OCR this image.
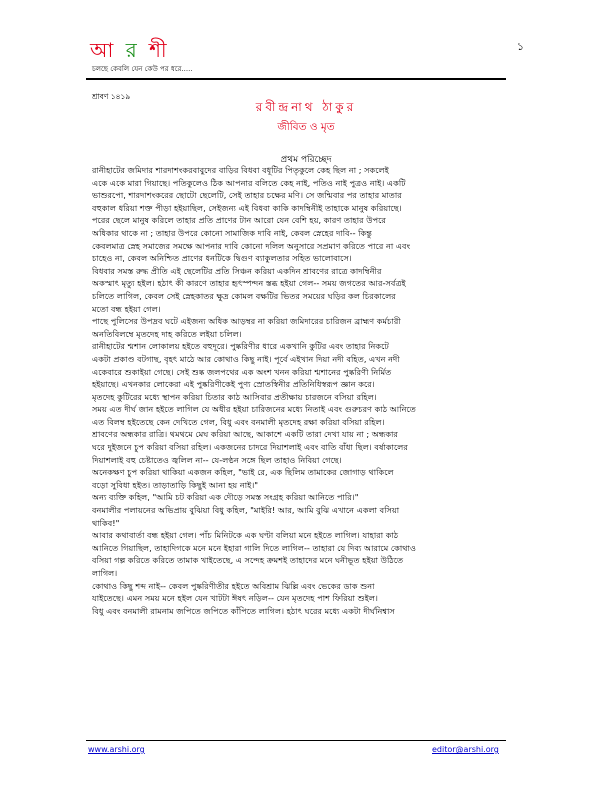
আ র শী
চলছে কেবলি যেন কেউ পর ধরে.....
১
শ্রাবণ ১৪১৯
রবীন্দ্রনাথ ঠাকুর
জীবিত ও মৃত
প্রথম পরিচ্ছেদ

রানীহাটের জমিদার শারদাশংকরবাবুদের বাড়ির বিধবা বধূটির পিতৃকুলে কেহ ছিল না ; সকলেই

একে একে মারা গিয়াছে। পতিকুলেও ঠিক আপনার বলিতে কেহ নাই, পতিও নাই পুত্রও নাই। একটি

ভাশুরপো, শারদাশংকরের ছোটো ছেলেটি, সেই তাহার চক্ষের মণি। সে জন্মিবার পর তাহার মাতার

বহুকাল ধরিয়া শক্ত পীড়া হইয়াছিল, সেইজন্য এই বিধবা কাকি কাদম্বিনীই তাহাকে মানুষ করিয়াছে।

পরের ছেলে মানুষ করিলে তাহার প্রতি প্রাণের টান আরো যেন বেশি হয়, কারণ তাহার উপরে

অধিকার থাকে না ; তাহার উপরে কোনো সামাজিক দাবি নাই, কেবল স্নেহের দাবি-- কিন্তু

কেবলমাত্র স্নেহ সমাজের সমক্ষে আপনার দাবি কোনো দলিল অনুসারে সপ্রমাণ করিতে পারে না এবং

চাহেও না, কেবল অনিশ্চিত প্রাণের ধনটিকে দ্বিগুণ ব্যাকুলতার সহিত ভালোবাসে।

বিধবার সমস্ত রুদ্ধ প্রীতি এই ছেলেটির প্রতি সিঞ্চন করিয়া একদিন শ্রাবণের রাত্রে কাদম্বিনীর

অকস্মাৎ মৃত্যু হইল। হঠাৎ কী কারণে তাহার হৃৎস্পন্দন স্তব্ধ হইয়া গেল-- সময় জগতের আর-সর্বত্রই

চলিতে লাগিল, কেবল সেই স্নেহকাতর ক্ষুদ্র কোমল বক্ষটির ভিতর সময়ের ঘড়ির কল চিরকালের

মতো বন্ধ হইয়া গেল।

পাছে পুলিসের উপদ্রব ঘটে এইজন্য অধিক আড়ম্বর না করিয়া জমিদারের চারিজন ব্রাহ্মণ কর্মচারী

অনতিবিলম্বে মৃতদেহ দাহ করিতে লইয়া চলিল।

রানীহাটের শ্মশান লোকালয় হইতে বহুদূরে। পুষ্করিণীর ধারে একখানি কুটির এবং তাহার নিকটে

একটা প্রকাণ্ড বটগাছ, বৃহৎ মাঠে আর কোথাও কিছু নাই। পূর্বে এইখান দিয়া নদী বহিত, এখন নদী

একেবারে শুকাইয়া গেছে। সেই শুষ্ক জলপথের এক অংশ খনন করিয়া শ্মশানের পুষ্করিণী নির্মিত

হইয়াছে। এখনকার লোকেরা এই পুষ্করিণীকেই পুণ্য স্রোতস্বিনীর প্রতিনিধিস্বরূপ জ্ঞান করে।

মৃতদেহ কুটিরের মধ্যে স্থাপন করিয়া চিতার কাঠ আসিবার প্রতীক্ষায় চারজনে বসিয়া রহিল।

সময় এত দীর্ঘ জান হইতে লাগিল যে অধীর হইয়া চারিজনের মধ্যে নিতাই এবং গুরুচরণ কাঠ আনিতে

এত বিলম্ব হইতেছে কেন দেখিতে গেল, বিধু এবং বনমালী মৃতদেহ রক্ষা করিয়া বসিয়া রহিল।

শ্রাবণের অন্ধকার রাত্রি। থমথমে মেঘ করিয়া আছে, আকাশে একটি তারা দেখা যায় না ; অন্ধকার

ঘরে দুইজনে চুপ করিয়া বসিয়া রহিল। একজনের চাদরে দিয়াশলাই এবং বাতি বাঁধা ছিল। বর্ষাকালের

দিয়াশলাই বহু চেষ্টাতেও জ্বলিল না-- যে-লণ্ঠন সঙ্গে ছিল তাহাও নিবিয়া গেছে।

অনেকক্ষণ চুপ করিয়া থাকিয়া একজন কহিল, "ভাই রে, এক ছিলিম তামাকের জোগাড় থাকিলে

বড়ো সুবিধা হইত। তাড়াতাড়ি কিছুই আনা হয় নাই।"

অন্য ব্যক্তি কহিল, "আমি চট করিয়া এক দৌড়ে সমস্ত সংগ্রহ করিয়া আনিতে পারি।"

বনমালীর পলায়নের অভিপ্রায় বুঝিয়া বিধু কহিল, "মাইরি! আর, আমি বুঝি এখানে একলা বসিয়া

থাকিব!"

আবার কথাবার্তা বন্ধ হইয়া গেল। পাঁচ মিনিটকে এক ঘণ্টা বলিয়া মনে হইতে লাগিল। যাহারা কাঠ

আনিতে গিয়াছিল, তাহাদিগকে মনে মনে ইহারা গালি দিতে লাগিল-- তাহারা যে দিব্য আরামে কোথাও

বসিয়া গল্প করিতে করিতে তামাক খাইতেছে, এ সন্দেহ ক্রমশই তাহাদের মনে ঘনীভূত হইয়া উঠিতে

লাগিল।

কোথাও কিছু শব্দ নাই-- কেবল পুষ্করিণীতীর হইতে অবিশ্রাম ঝিল্লি এবং ভেকের ডাক শুনা

যাইতেছে। এমন সময় মনে হইল যেন খাটটা ঈষৎ নড়িল-- যেন মৃতদেহ পাশ ফিরিয়া শুইল।

বিধু এবং বনমালী রামনাম জপিতে জপিতে কাঁপিতে লাগিল। হঠাৎ ঘরের মধ্যে একটা দীর্ঘনিশ্বাস

www.arshi.org	editor@arshi.org
